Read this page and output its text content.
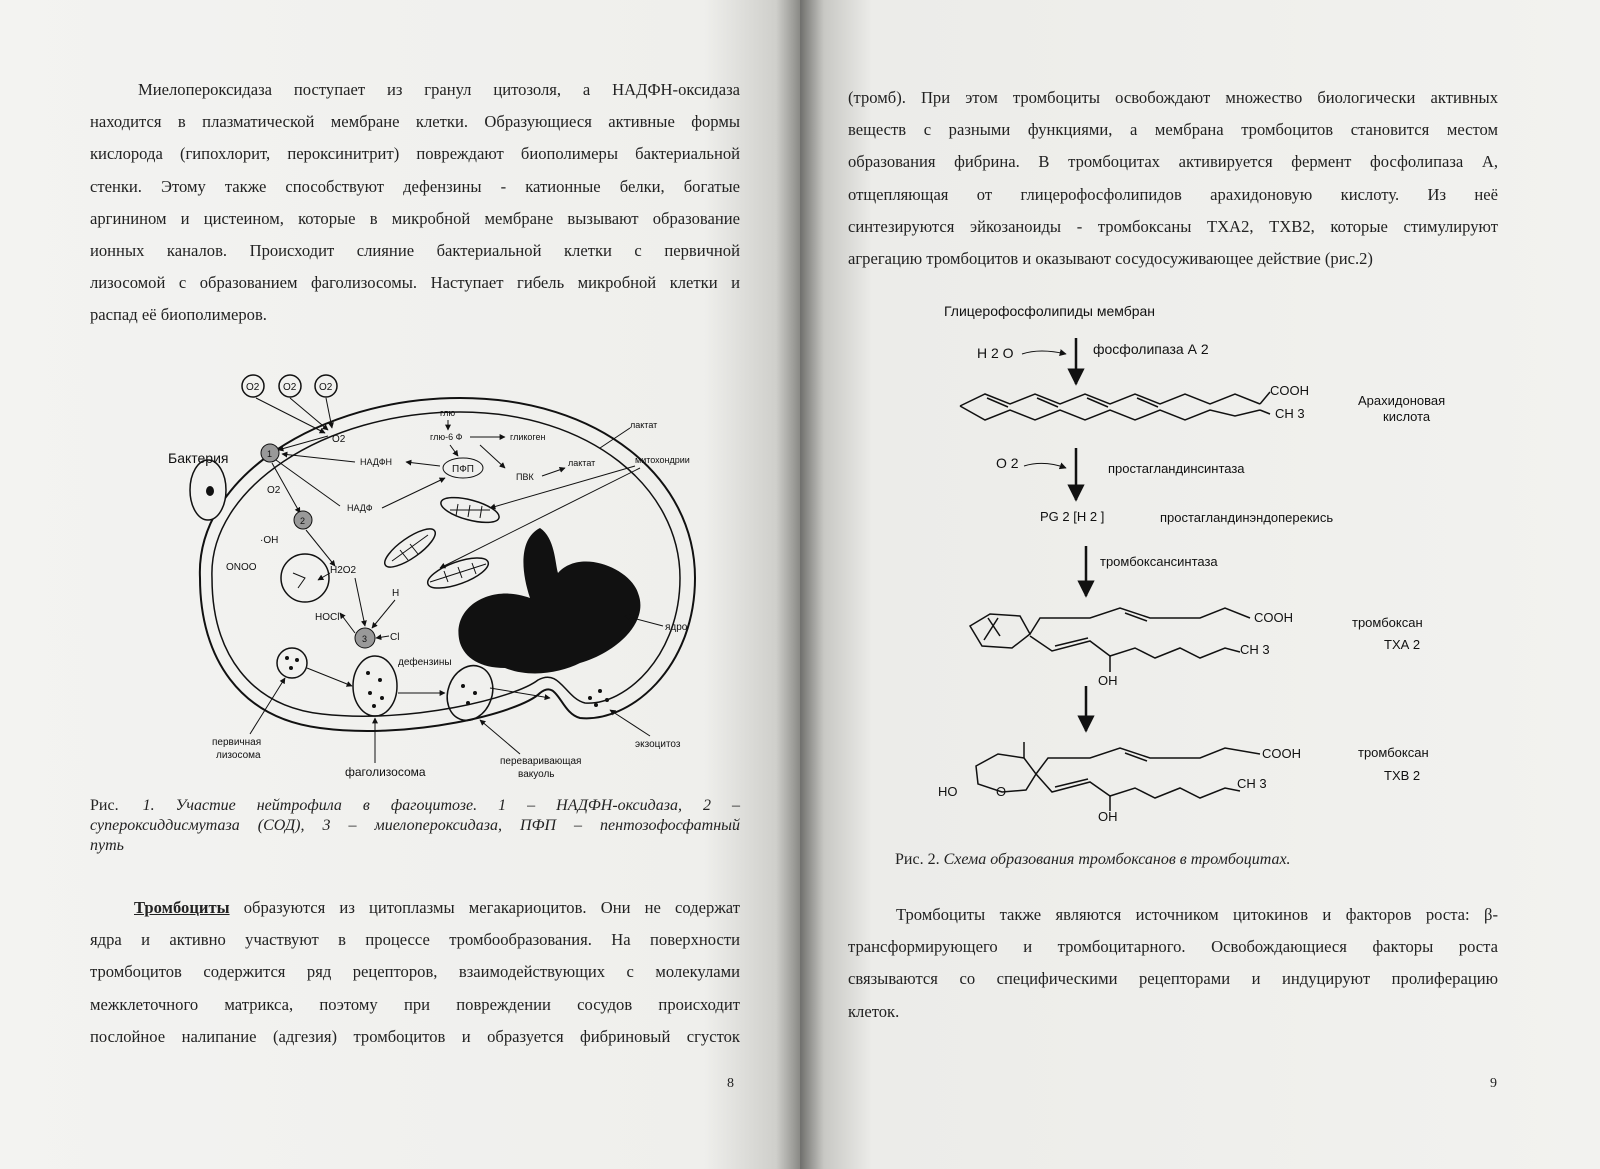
Миелопероксидаза поступает из гранул цитозоля, а НАДФН-оксидаза
находится в плазматической мембране клетки. Образующиеся активные формы
кислорода (гипохлорит, пероксинитрит) повреждают биополимеры бактериальной
стенки. Этому также способствуют дефензины - катионные белки, богатые
аргинином и цистеином, которые в микробной мембране вызывают образование
ионных каналов. Происходит слияние бактериальной клетки с первичной
лизосомой с образованием фаголизосомы. Наступает гибель микробной клетки и
распад её биополимеров.
Бактерия
O2 O2 O2
O2
1
глю
глю-6 Ф	гликоген
лактат
НАДФН
ПФП
ПВК
лактат	митохондрии
O2
2
НАДФ
ядро
·OH
ONOO	H2O2
H
HOCl
3 Cl
дефензины
первичная
лизосома
фаголизосома
переваривающая
вакуоль
экзоцитоз
Рис. 1. Участие нейтрофила в фагоцитозе. 1 – НАДФН-оксидаза, 2 –
супероксиддисмутаза (СОД), 3 – миелопероксидаза, ПФП – пентозофосфатный
путь
Тромбоциты образуются из цитоплазмы мегакариоцитов. Они не содержат
ядра и активно участвуют в процессе тромбообразования. На поверхности
тромбоцитов содержится ряд рецепторов, взаимодействующих с молекулами
межклеточного матрикса, поэтому при повреждении сосудов происходит
послойное налипание (адгезия) тромбоцитов и образуется фибриновый сгусток
8
(тромб). При этом тромбоциты освобождают множество биологически активных
веществ с разными функциями, а мембрана тромбоцитов становится местом
образования фибрина. В тромбоцитах активируется фермент фосфолипаза А,
отщепляющая от глицерофосфолипидов арахидоновую кислоту. Из неё
синтезируются эйкозаноиды - тромбоксаны ТХА2, ТХВ2, которые стимулируют
агрегацию тромбоцитов и оказывают сосудосуживающее действие (рис.2)
Глицерофосфолипиды мембран
H 2 O	фосфолипаза А 2
COOH
CH 3
Арахидоновая
кислота
O 2	простагландинсинтаза
PG 2 [H 2 ]	простагландинэндоперекись
тромбоксансинтаза
COOH
CH 3
OH
тромбоксан
ТХА 2
COOH
CH 3
HO	O
OH
тромбоксан
ТХВ 2
Рис. 2. Схема образования тромбоксанов в тромбоцитах.
Тромбоциты также являются источником цитокинов и факторов роста: β-
трансформирующего и тромбоцитарного. Освобождающиеся факторы роста
связываются со специфическими рецепторами и индуцируют пролиферацию
клеток.
9
